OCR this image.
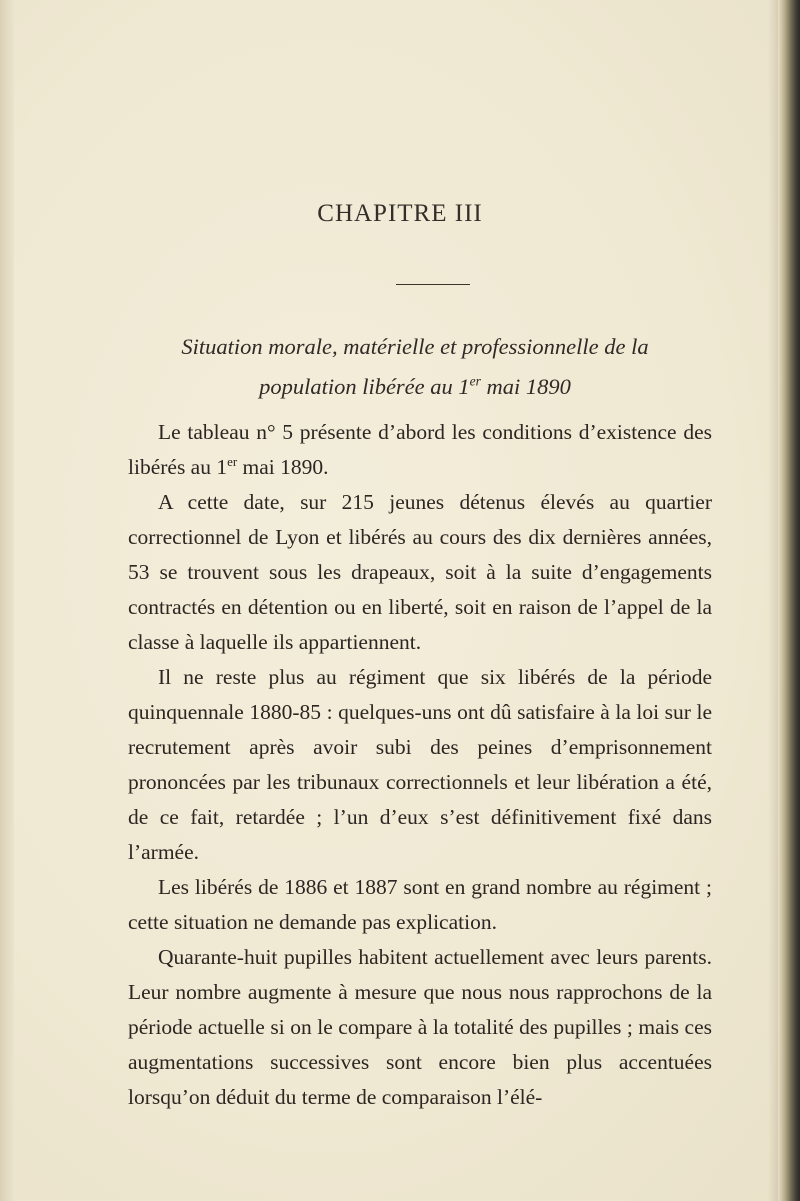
CHAPITRE III
Situation morale, matérielle et professionnelle de la
population libérée au 1er mai 1890

Le tableau n° 5 présente d’abord les conditions d’existence des libérés au 1er mai 1890.

A cette date, sur 215 jeunes détenus élevés au quartier correctionnel de Lyon et libérés au cours des dix dernières années, 53 se trouvent sous les drapeaux, soit à la suite d’engagements contractés en détention ou en liberté, soit en raison de l’appel de la classe à laquelle ils appartiennent.

Il ne reste plus au régiment que six libérés de la période quinquennale 1880-85 : quelques-uns ont dû satisfaire à la loi sur le recrutement après avoir subi des peines d’emprisonnement prononcées par les tribunaux correctionnels et leur libération a été, de ce fait, retardée ; l’un d’eux s’est définitivement fixé dans l’armée.

Les libérés de 1886 et 1887 sont en grand nombre au régiment ; cette situation ne demande pas explication.

Quarante-huit pupilles habitent actuellement avec leurs parents. Leur nombre augmente à mesure que nous nous rapprochons de la période actuelle si on le compare à la totalité des pupilles ; mais ces augmentations successives sont encore bien plus accentuées lorsqu’on déduit du terme de comparaison l’élé-
